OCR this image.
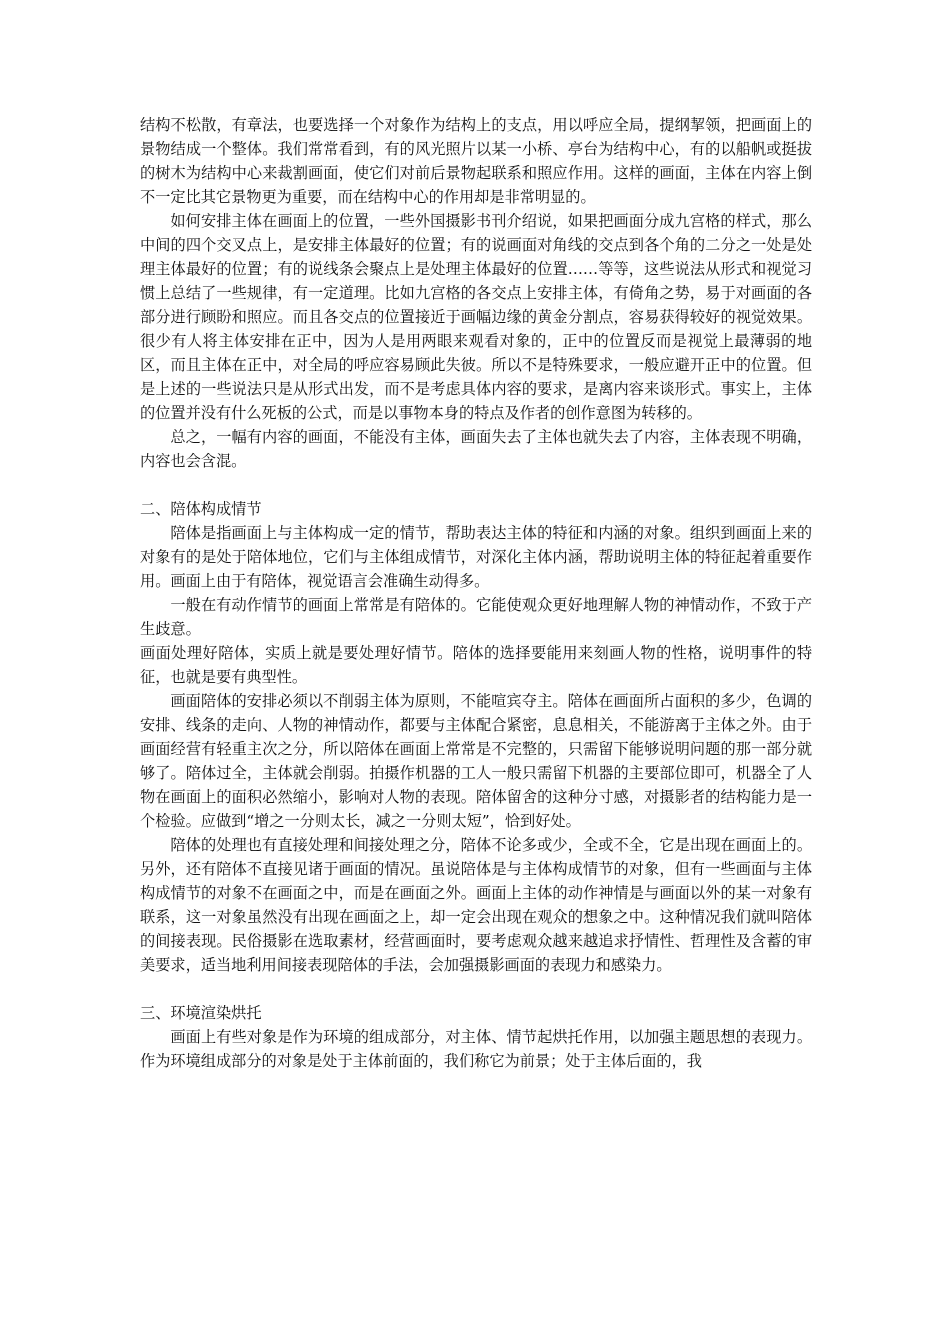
结构不松散，有章法，也要选择一个对象作为结构上的支点，用以呼应全局，提纲挈领，把画面上的景物结成一个整体。我们常常看到，有的风光照片以某一小桥、亭台为结构中心，有的以船帆或挺拔的树木为结构中心来裁割画面，使它们对前后景物起联系和照应作用。这样的画面，主体在内容上倒不一定比其它景物更为重要，而在结构中心的作用却是非常明显的。

如何安排主体在画面上的位置，一些外国摄影书刊介绍说，如果把画面分成九宫格的样式，那么中间的四个交叉点上，是安排主体最好的位置；有的说画面对角线的交点到各个角的二分之一处是处理主体最好的位置；有的说线条会聚点上是处理主体最好的位置……等等，这些说法从形式和视觉习惯上总结了一些规律，有一定道理。比如九宫格的各交点上安排主体，有倚角之势，易于对画面的各部分进行顾盼和照应。而且各交点的位置接近于画幅边缘的黄金分割点，容易获得较好的视觉效果。很少有人将主体安排在正中，因为人是用两眼来观看对象的，正中的位置反而是视觉上最薄弱的地区，而且主体在正中，对全局的呼应容易顾此失彼。所以不是特殊要求，一般应避开正中的位置。但是上述的一些说法只是从形式出发，而不是考虑具体内容的要求，是离内容来谈形式。事实上，主体的位置并没有什么死板的公式，而是以事物本身的特点及作者的创作意图为转移的。

总之，一幅有内容的画面，不能没有主体，画面失去了主体也就失去了内容，主体表现不明确，内容也会含混。

二、陪体构成情节

陪体是指画面上与主体构成一定的情节，帮助表达主体的特征和内涵的对象。组织到画面上来的对象有的是处于陪体地位，它们与主体组成情节，对深化主体内涵，帮助说明主体的特征起着重要作用。画面上由于有陪体，视觉语言会准确生动得多。

一般在有动作情节的画面上常常是有陪体的。它能使观众更好地理解人物的神情动作，不致于产生歧意。

画面处理好陪体，实质上就是要处理好情节。陪体的选择要能用来刻画人物的性格，说明事件的特征，也就是要有典型性。

画面陪体的安排必须以不削弱主体为原则，不能喧宾夺主。陪体在画面所占面积的多少，色调的安排、线条的走向、人物的神情动作，都要与主体配合紧密，息息相关，不能游离于主体之外。由于画面经营有轻重主次之分，所以陪体在画面上常常是不完整的，只需留下能够说明问题的那一部分就够了。陪体过全，主体就会削弱。拍摄作机器的工人一般只需留下机器的主要部位即可，机器全了人物在画面上的面积必然缩小，影响对人物的表现。陪体留舍的这种分寸感，对摄影者的结构能力是一个检验。应做到“增之一分则太长，减之一分则太短”，恰到好处。

陪体的处理也有直接处理和间接处理之分，陪体不论多或少，全或不全，它是出现在画面上的。另外，还有陪体不直接见诸于画面的情况。虽说陪体是与主体构成情节的对象，但有一些画面与主体构成情节的对象不在画面之中，而是在画面之外。画面上主体的动作神情是与画面以外的某一对象有联系，这一对象虽然没有出现在画面之上，却一定会出现在观众的想象之中。这种情况我们就叫陪体的间接表现。民俗摄影在选取素材，经营画面时，要考虑观众越来越追求抒情性、哲理性及含蓄的审美要求，适当地利用间接表现陪体的手法，会加强摄影画面的表现力和感染力。

三、环境渲染烘托

画面上有些对象是作为环境的组成部分，对主体、情节起烘托作用，以加强主题思想的表现力。作为环境组成部分的对象是处于主体前面的，我们称它为前景；处于主体后面的，我
